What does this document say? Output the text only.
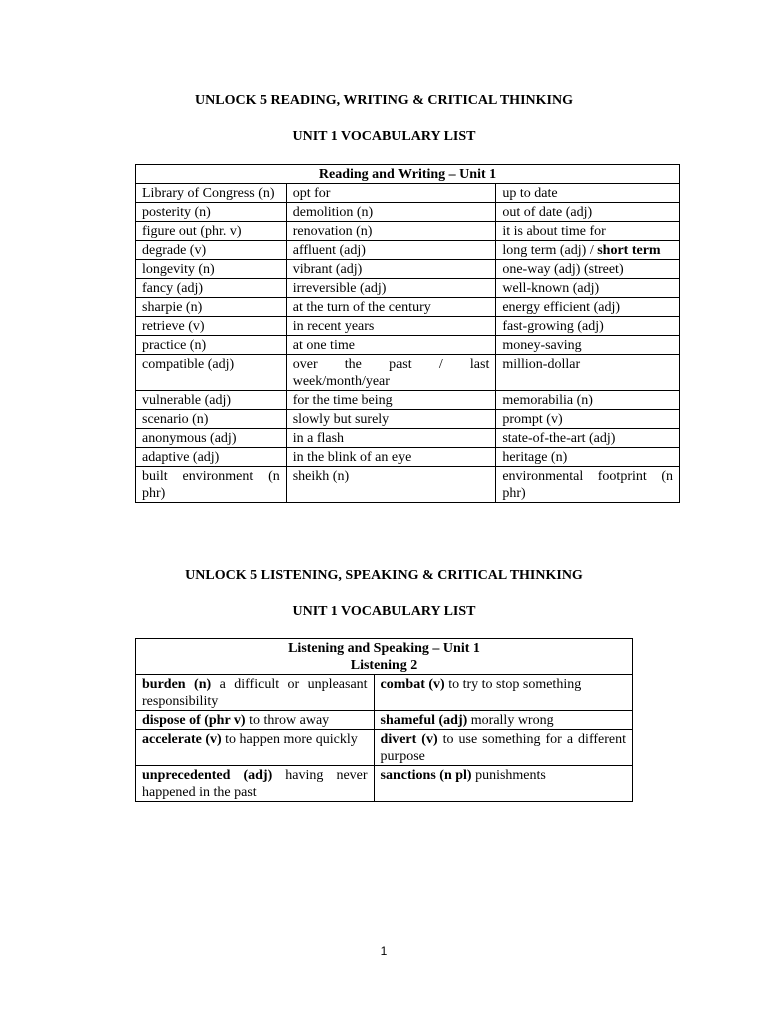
UNLOCK 5 READING, WRITING & CRITICAL THINKING

UNIT 1 VOCABULARY LIST

Reading and Writing – Unit 1		
Library of Congress (n)	opt for	up to date
posterity (n)	demolition (n)	out of date (adj)
figure out (phr. v)	renovation (n)	it is about time for
degrade (v)	affluent (adj)	long term (adj) / short term
longevity (n)	vibrant (adj)	one-way (adj) (street)
fancy (adj)	irreversible (adj)	well-known (adj)
sharpie (n)	at the turn of the century	energy efficient (adj)
retrieve (v)	in recent years	fast-growing (adj)
practice (n)	at one time	money-saving
compatible (adj)	over the past / last week/month/year	million-dollar
vulnerable (adj)	for the time being	memorabilia (n)
scenario (n)	slowly but surely	prompt (v)
anonymous (adj)	in a flash	state-of-the-art (adj)
adaptive (adj)	in the blink of an eye	heritage (n)
built environment (n phr)	sheikh (n)	environmental footprint (n phr)

UNLOCK 5 LISTENING, SPEAKING & CRITICAL THINKING

UNIT 1 VOCABULARY LIST

Listening and Speaking – Unit 1
Listening 2	
burden (n) a difficult or unpleasant responsibility	combat (v) to try to stop something
dispose of (phr v) to throw away	shameful (adj) morally wrong
accelerate (v) to happen more quickly	divert (v) to use something for a different purpose
unprecedented (adj) having never happened in the past	sanctions (n pl) punishments
1
